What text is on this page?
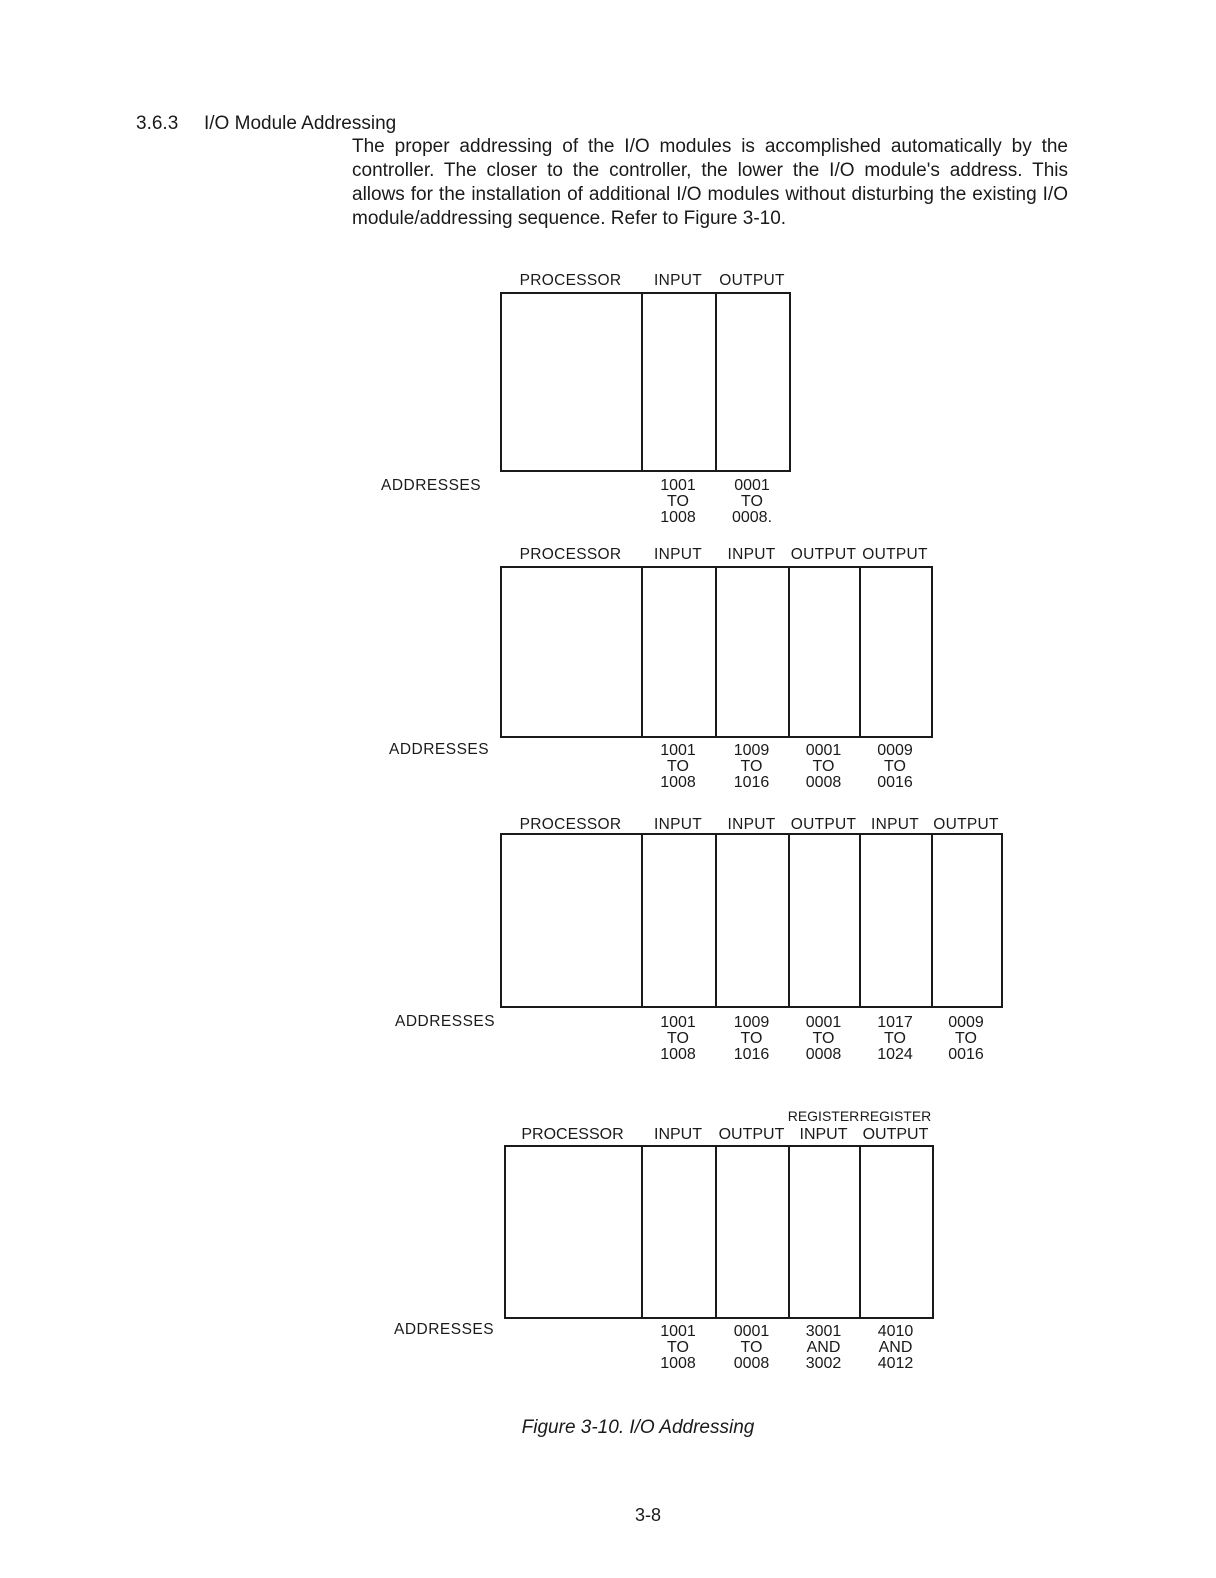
3.6.3 I/O Module Addressing

The proper addressing of the I/O modules is accomplished automatically by the controller. The closer to the controller, the lower the I/O module's address. This allows for the installation of additional I/O modules without disturbing the existing I/O module/addressing sequence. Refer to Figure 3-10.

ADDRESSES
PROCESSOR INPUT
1001
TO
1008
OUTPUT
0001
TO
0008.
ADDRESSES
PROCESSOR INPUT
1001
TO
1008
INPUT
1009
TO
1016
OUTPUT
0001
TO
0008
OUTPUT
0009
TO
0016
ADDRESSES
PROCESSOR INPUT
1001
TO
1008
INPUT
1009
TO
1016
OUTPUT
0001
TO
0008
INPUT
1017
TO
1024
OUTPUT
0009
TO
0016
ADDRESSES
PROCESSOR INPUT
1001
TO
1008
OUTPUT
0001
TO
0008
INPUT
REGISTER
3001
AND
3002
OUTPUT
REGISTER
4010
AND
4012
Figure 3-10. I/O Addressing
3-8
